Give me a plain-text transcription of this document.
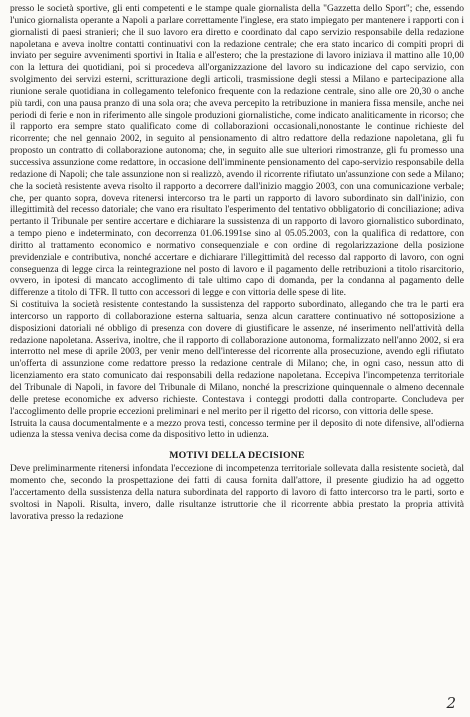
presso le società sportive, gli enti competenti e le stampe quale giornalista della "Gazzetta dello Sport"; che, essendo l'unico giornalista operante a Napoli a parlare correttamente l'inglese, era stato impiegato per mantenere i rapporti con i giornalisti di paesi stranieri; che il suo lavoro era diretto e coordinato dal capo servizio responsabile della redazione napoletana e aveva inoltre contatti continuativi con la redazione centrale; che era stato incarico di compiti propri di inviato per seguire avvenimenti sportivi in Italia e all'estero; che la prestazione di lavoro iniziava il mattino alle 10,00 con la lettura dei quotidiani, poi si procedeva all'organizzazione del lavoro su indicazione del capo servizio, con svolgimento dei servizi esterni, scritturazione degli articoli, trasmissione degli stessi a Milano e partecipazione alla riunione serale quotidiana in collegamento telefonico frequente con la redazione centrale, sino alle ore 20,30 o anche più tardi, con una pausa pranzo di una sola ora; che aveva percepito la retribuzione in maniera fissa mensile, anche nei periodi di ferie e non in riferimento alle singole produzioni giornalistiche, come indicato analiticamente in ricorso; che il rapporto era sempre stato qualificato come di collaborazioni occasionali,nonostante le continue richieste del ricorrente; che nel gennaio 2002, in seguito al pensionamento di altro redattore della redazione napoletana, gli fu proposto un contratto di collaborazione autonoma; che, in seguito alle sue ulteriori rimostranze, gli fu promesso una successiva assunzione come redattore, in occasione dell'imminente pensionamento del capo-servizio responsabile della redazione di Napoli; che tale assunzione non si realizzò, avendo il ricorrente rifiutato un'assunzione con sede a Milano; che la società resistente aveva risolto il rapporto a decorrere dall'inizio maggio 2003, con una comunicazione verbale; che, per quanto sopra, doveva ritenersi intercorso tra le parti un rapporto di lavoro subordinato sin dall'inizio, con illegittimità del recesso datoriale; che vano era risultato l'esperimento del tentativo obbligatorio di conciliazione; adiva pertanto il Tribunale per sentire accertare e dichiarare la sussistenza di un rapporto di lavoro giornalistico subordinato, a tempo pieno e indeterminato, con decorrenza 01.06.1991se sino al 05.05.2003, con la qualifica di redattore, con diritto al trattamento economico e normativo consequenziale e con ordine di regolarizzazione della posizione previdenziale e contributiva, nonché accertare e dichiarare l'illegittimità del recesso dal rapporto di lavoro, con ogni conseguenza di legge circa la reintegrazione nel posto di lavoro e il pagamento delle retribuzioni a titolo risarcitorio, ovvero, in ipotesi di mancato accoglimento di tale ultimo capo di domanda, per la condanna al pagamento delle differenze a titolo di TFR. Il tutto con accessori di legge e con vittoria delle spese di lite.

Si costituiva la società resistente contestando la sussistenza del rapporto subordinato, allegando che tra le parti era intercorso un rapporto di collaborazione esterna saltuaria, senza alcun carattere continuativo né sottoposizione a disposizioni datoriali né obbligo di presenza con dovere di giustificare le assenze, né inserimento nell'attività della redazione napoletana. Asseriva, inoltre, che il rapporto di collaborazione autonoma, formalizzato nell'anno 2002, si era interrotto nel mese di aprile 2003, per venir meno dell'interesse del ricorrente alla prosecuzione, avendo egli rifiutato un'offerta di assunzione come redattore presso la redazione centrale di Milano; che, in ogni caso, nessun atto di licenziamento era stato comunicato dai responsabili della redazione napoletana. Eccepiva l'incompetenza territoriale del Tribunale di Napoli, in favore del Tribunale di Milano, nonché la prescrizione quinquennale o almeno decennale delle pretese economiche ex adverso richieste. Contestava i conteggi prodotti dalla controparte. Concludeva per l'accoglimento delle proprie eccezioni preliminari e nel merito per il rigetto del ricorso, con vittoria delle spese.

Istruita la causa documentalmente e a mezzo prova testi, concesso termine per il deposito di note difensive, all'odierna udienza la stessa veniva decisa come da dispositivo letto in udienza.

MOTIVI DELLA DECISIONE

Deve preliminarmente ritenersi infondata l'eccezione di incompetenza territoriale sollevata dalla resistente società, dal momento che, secondo la prospettazione dei fatti di causa fornita dall'attore, il presente giudizio ha ad oggetto l'accertamento della sussistenza della natura subordinata del rapporto di lavoro di fatto intercorso tra le parti, sorto e svoltosi in Napoli. Risulta, invero, dalle risultanze istruttorie che il ricorrente abbia prestato la propria attività lavorativa presso la redazione

2
